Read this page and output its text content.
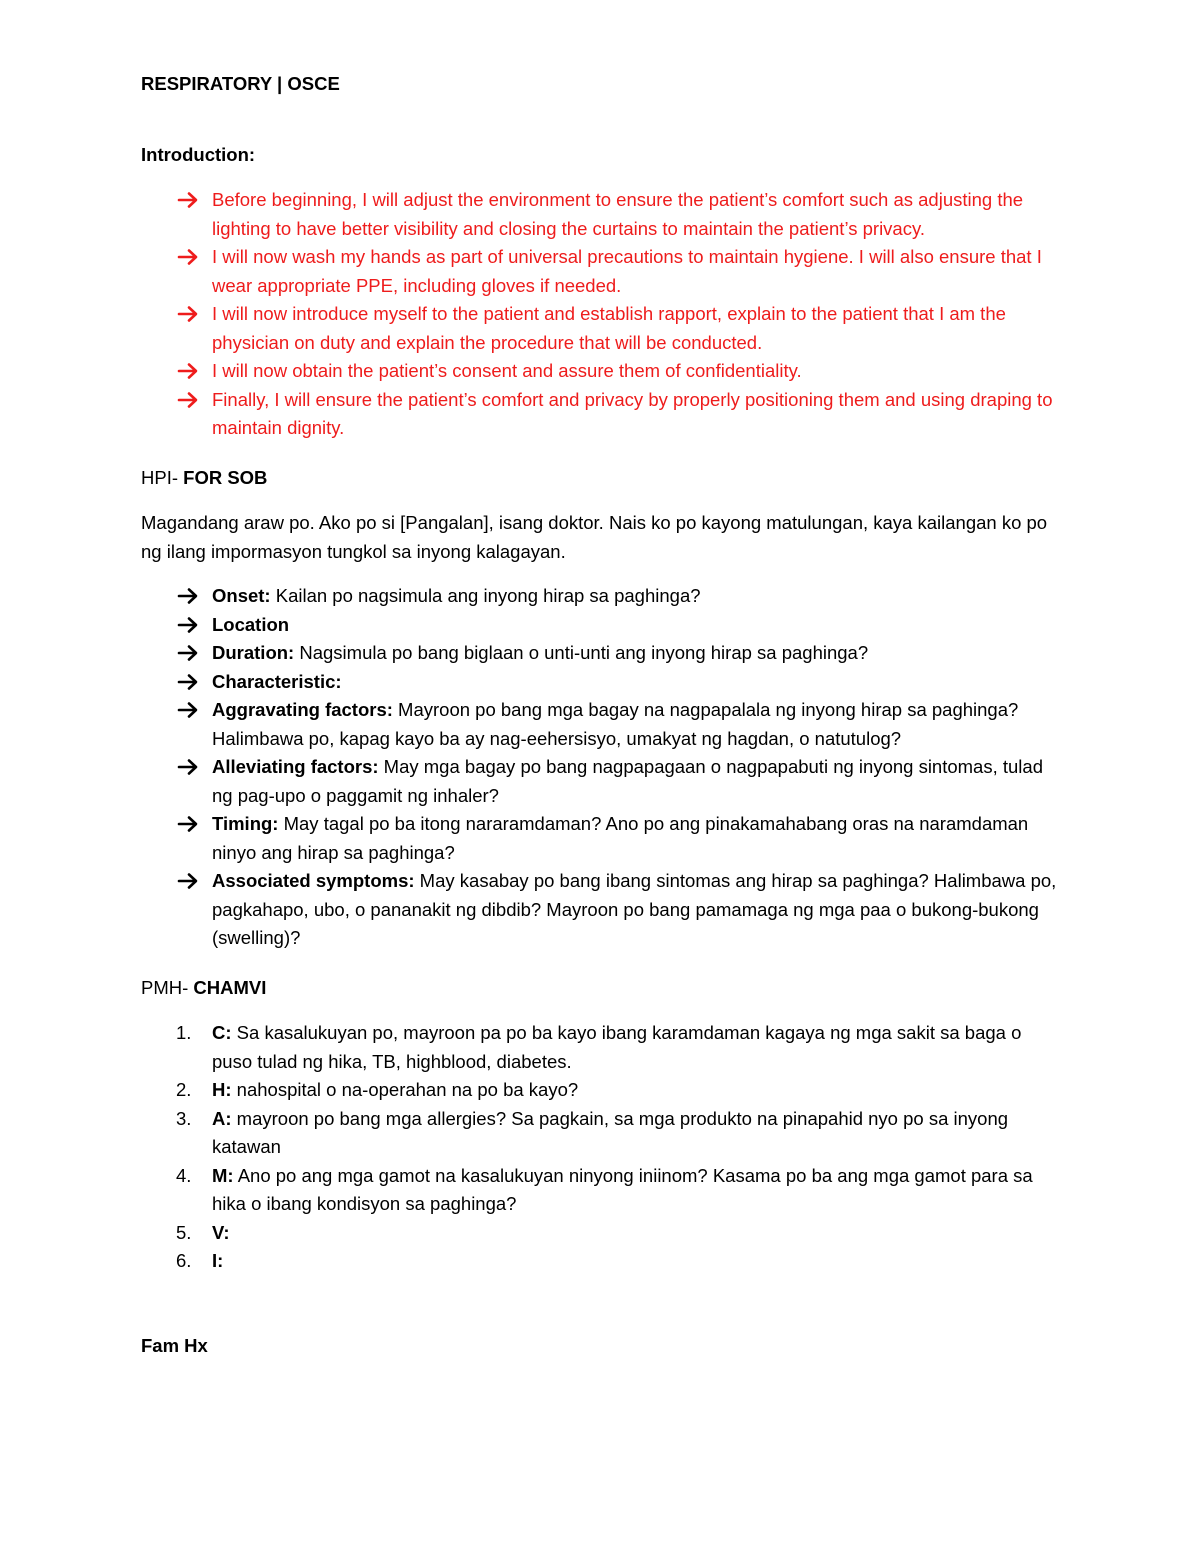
RESPIRATORY | OSCE
Introduction:
Before beginning, I will adjust the environment to ensure the patient’s comfort such as adjusting the lighting to have better visibility and closing the curtains to maintain the patient’s privacy.
I will now wash my hands as part of universal precautions to maintain hygiene. I will also ensure that I wear appropriate PPE, including gloves if needed.
I will now introduce myself to the patient and establish rapport, explain to the patient that I am the physician on duty and explain the procedure that will be conducted.
I will now obtain the patient’s consent and assure them of confidentiality.
Finally, I will ensure the patient’s comfort and privacy by properly positioning them and using draping to maintain dignity.
HPI- FOR SOB

Magandang araw po. Ako po si [Pangalan], isang doktor. Nais ko po kayong matulungan, kaya kailangan ko po ng ilang impormasyon tungkol sa inyong kalagayan.

Onset: Kailan po nagsimula ang inyong hirap sa paghinga?
Location
Duration: Nagsimula po bang biglaan o unti-unti ang inyong hirap sa paghinga?
Characteristic:
Aggravating factors: Mayroon po bang mga bagay na nagpapalala ng inyong hirap sa paghinga? Halimbawa po, kapag kayo ba ay nag-eehersisyo, umakyat ng hagdan, o natutulog?
Alleviating factors: May mga bagay po bang nagpapagaan o nagpapabuti ng inyong sintomas, tulad ng pag-upo o paggamit ng inhaler?
Timing: May tagal po ba itong nararamdaman? Ano po ang pinakamahabang oras na naramdaman ninyo ang hirap sa paghinga?
Associated symptoms: May kasabay po bang ibang sintomas ang hirap sa paghinga? Halimbawa po, pagkahapo, ubo, o pananakit ng dibdib? Mayroon po bang pamamaga ng mga paa o bukong-bukong (swelling)?
PMH- CHAMVI
1. C: Sa kasalukuyan po, mayroon pa po ba kayo ibang karamdaman kagaya ng mga sakit sa baga o puso tulad ng hika, TB, highblood, diabetes.
2. H: nahospital o na-operahan na po ba kayo?
3. A: mayroon po bang mga allergies? Sa pagkain, sa mga produkto na pinapahid nyo po sa inyong katawan
4. M: Ano po ang mga gamot na kasalukuyan ninyong iniinom? Kasama po ba ang mga gamot para sa hika o ibang kondisyon sa paghinga?
5. V:
6. I:
Fam Hx
